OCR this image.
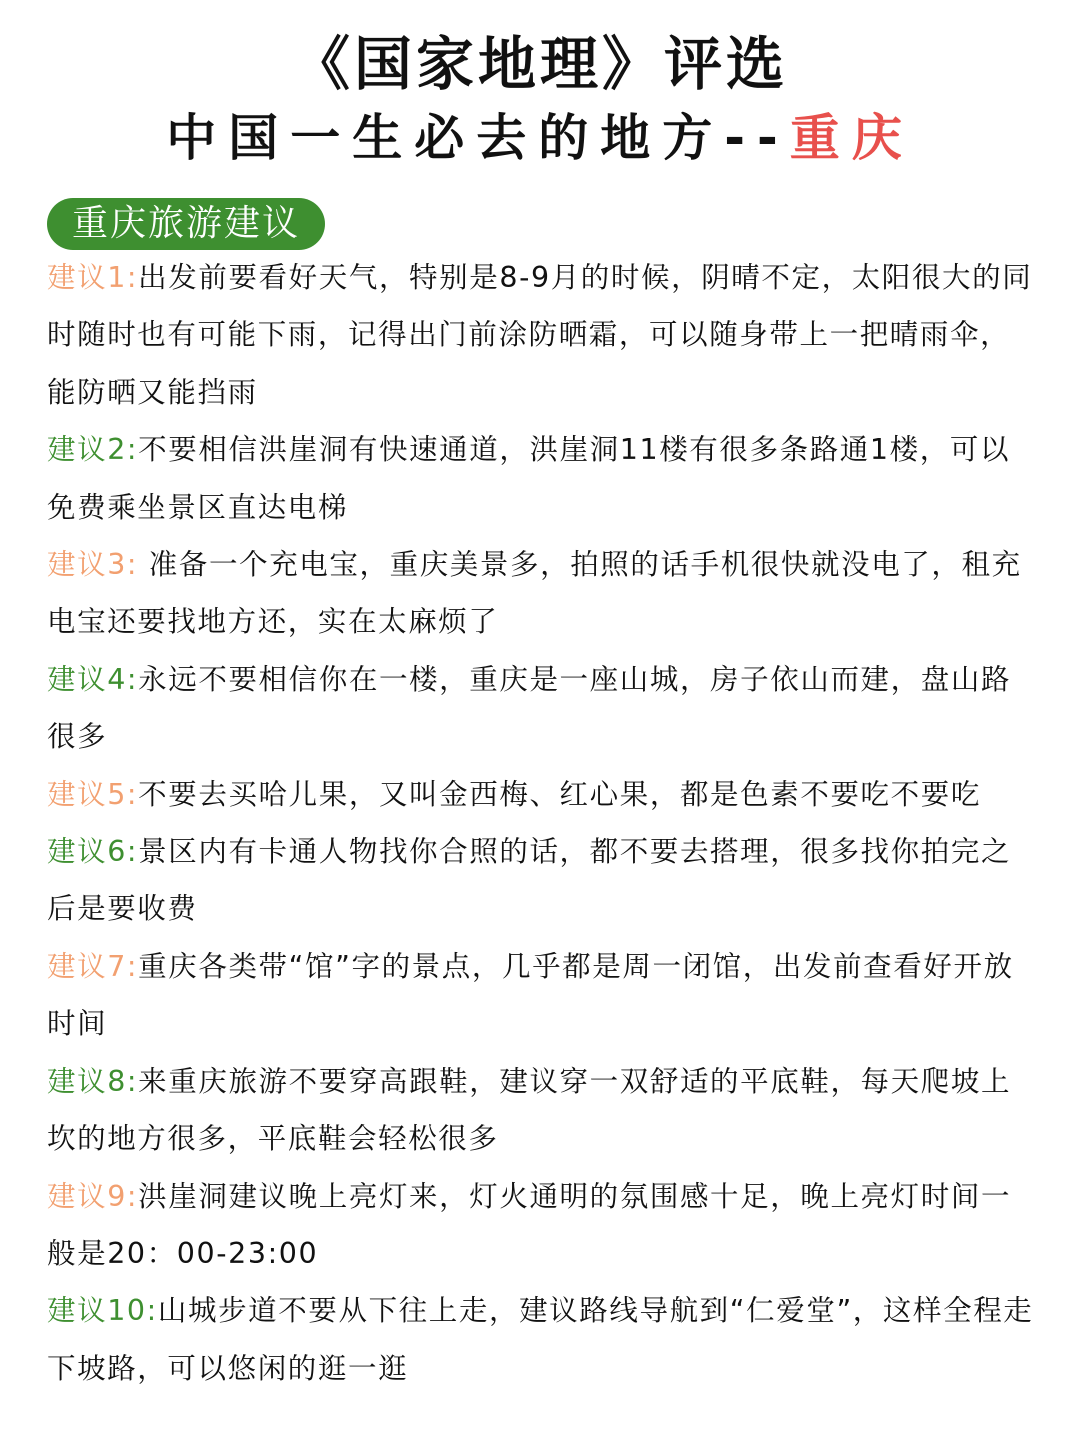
《国家地理》评选
中国一生必去的地方--重庆
重庆旅游建议
建议1:出发前要看好天气，特别是8-9月的时候，阴晴不定，太阳很大的同时随时也有可能下雨，记得出门前涂防晒霜，可以随身带上一把晴雨伞，能防晒又能挡雨
建议2:不要相信洪崖洞有快速通道，洪崖洞11楼有很多条路通1楼，可以免费乘坐景区直达电梯
建议3: 准备一个充电宝，重庆美景多，拍照的话手机很快就没电了，租充电宝还要找地方还，实在太麻烦了
建议4:永远不要相信你在一楼，重庆是一座山城，房子依山而建，盘山路很多
建议5:不要去买哈儿果，又叫金西梅、红心果，都是色素不要吃不要吃
建议6:景区内有卡通人物找你合照的话，都不要去搭理，很多找你拍完之后是要收费
建议7:重庆各类带“馆”字的景点，几乎都是周一闭馆，出发前查看好开放时间
建议8:来重庆旅游不要穿高跟鞋，建议穿一双舒适的平底鞋，每天爬坡上坎的地方很多，平底鞋会轻松很多
建议9:洪崖洞建议晚上亮灯来，灯火通明的氛围感十足，晚上亮灯时间一般是20：00-23:00
建议10:山城步道不要从下往上走，建议路线导航到“仁爱堂”，这样全程走下坡路，可以悠闲的逛一逛
